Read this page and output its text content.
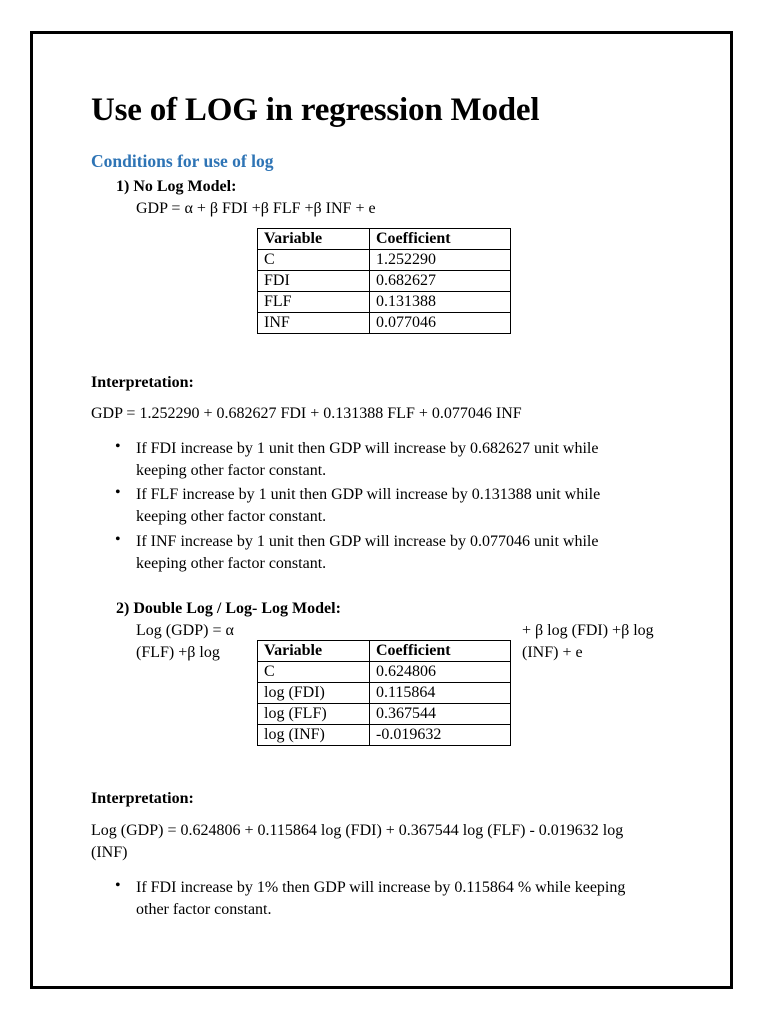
Use of LOG in regression Model
Conditions for use of log
1) No Log Model:
GDP = α + β FDI +β FLF +β INF + e
Variable	Coefficient
C	1.252290
FDI	0.682627
FLF	0.131388
INF	0.077046
Interpretation:
GDP = 1.252290 + 0.682627 FDI + 0.131388 FLF + 0.077046 INF
• If FDI increase by 1 unit then GDP will increase by 0.682627 unit while
keeping other factor constant.
• If FLF increase by 1 unit then GDP will increase by 0.131388 unit while
keeping other factor constant.
• If INF increase by 1 unit then GDP will increase by 0.077046 unit while
keeping other factor constant.
2) Double Log / Log- Log Model:
Log (GDP) = α
(FLF) +β log
+ β log (FDI) +β log
(INF) + e
Variable	Coefficient
C	0.624806
log (FDI)	0.115864
log (FLF)	0.367544
log (INF)	-0.019632
Interpretation:
Log (GDP) = 0.624806 + 0.115864 log (FDI) + 0.367544 log (FLF) - 0.019632 log
(INF)
• If FDI increase by 1% then GDP will increase by 0.115864 % while keeping
other factor constant.
